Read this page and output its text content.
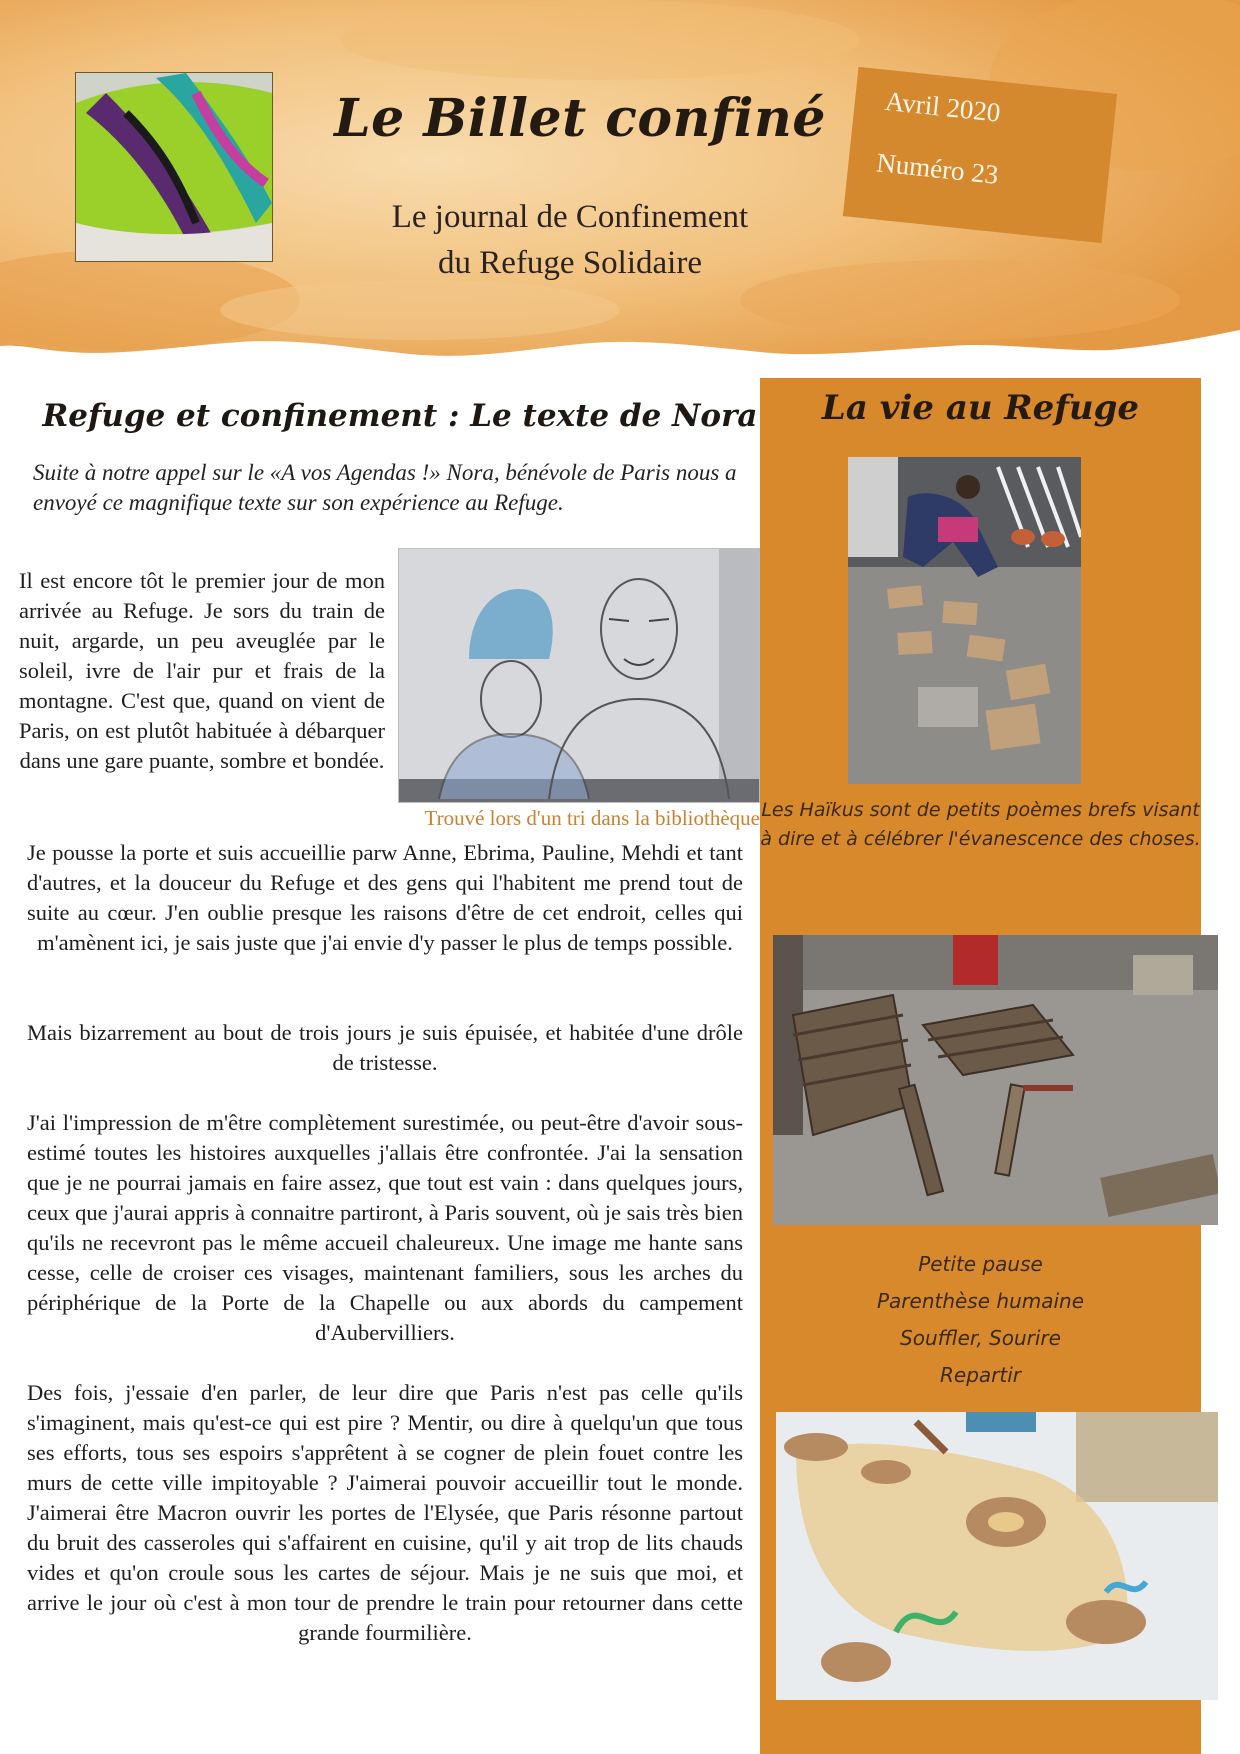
Le Billet confiné
Le journal de Confinement
du Refuge Solidaire
Avril 2020
Numéro 23
La vie au Refuge

Les Haïkus sont de petits poèmes brefs visant à dire et à célébrer l'évanescence des choses.

Petite pause
Parenthèse humaine
Souffler, Sourire
Repartir
Refuge et confinement : Le texte de Nora

Suite à notre appel sur le «A vos Agendas !» Nora, bénévole de Paris nous a envoyé ce magnifique texte sur son expérience au Refuge.

Trouvé lors d'un tri dans la bibliothèque

Il est encore tôt le premier jour de mon arrivée au Refuge. Je sors du train de nuit, argarde, un peu aveuglée par le soleil, ivre de l'air pur et frais de la montagne. C'est que, quand on vient de Paris, on est plutôt habituée à débarquer dans une gare puante, sombre et bondée.

Je pousse la porte et suis accueillie parw Anne, Ebrima, Pauline, Mehdi et tant d'autres, et la douceur du Refuge et des gens qui l'habitent me prend tout de suite au cœur. J'en oublie presque les raisons d'être de cet endroit, celles qui m'amènent ici, je sais juste que j'ai envie d'y passer le plus de temps possible.

Mais bizarrement au bout de trois jours je suis épuisée, et habitée d'une drôle de tristesse.

J'ai l'impression de m'être complètement surestimée, ou peut-être d'avoir sous-estimé toutes les histoires auxquelles j'allais être confrontée. J'ai la sensation que je ne pourrai jamais en faire assez, que tout est vain : dans quelques jours, ceux que j'aurai appris à connaitre partiront, à Paris souvent, où je sais très bien qu'ils ne recevront pas le même accueil chaleureux. Une image me hante sans cesse, celle de croiser ces visages, maintenant familiers, sous les arches du périphérique de la Porte de la Chapelle ou aux abords du campement d'Aubervilliers.

Des fois, j'essaie d'en parler, de leur dire que Paris n'est pas celle qu'ils s'imaginent, mais qu'est-ce qui est pire ? Mentir, ou dire à quelqu'un que tous ses efforts, tous ses espoirs s'apprêtent à se cogner de plein fouet contre les murs de cette ville impitoyable ? J'aimerai pouvoir accueillir tout le monde. J'aimerai être Macron ouvrir les portes de l'Elysée, que Paris résonne partout du bruit des casseroles qui s'affairent en cuisine, qu'il y ait trop de lits chauds vides et qu'on croule sous les cartes de séjour. Mais je ne suis que moi, et arrive le jour où c'est à mon tour de prendre le train pour retourner dans cette grande fourmilière.
